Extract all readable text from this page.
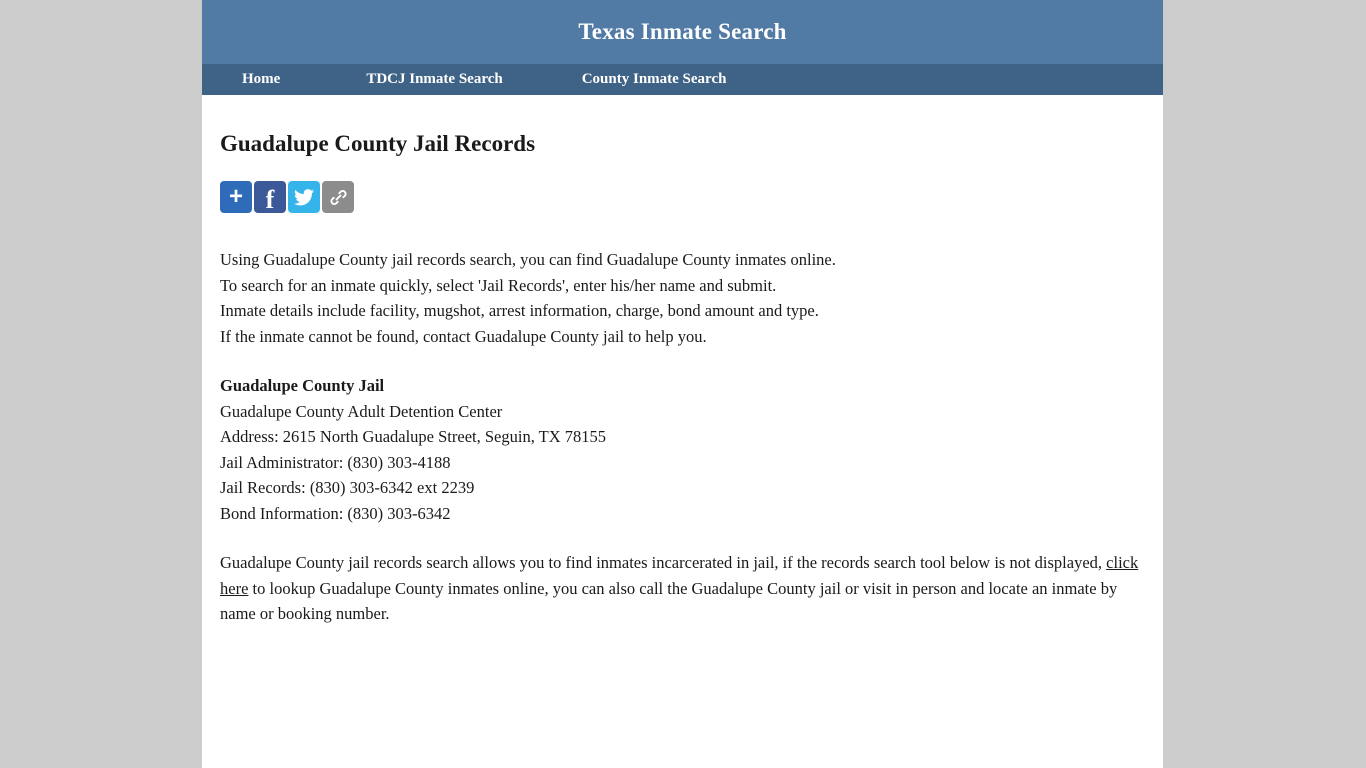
Texas Inmate Search
Home	TDCJ Inmate Search	County Inmate Search
Guadalupe County Jail Records
+ f

Using Guadalupe County jail records search, you can find Guadalupe County inmates online.

To search for an inmate quickly, select 'Jail Records', enter his/her name and submit.

Inmate details include facility, mugshot, arrest information, charge, bond amount and type.

If the inmate cannot be found, contact Guadalupe County jail to help you.

Guadalupe County Jail

Guadalupe County Adult Detention Center

Address: 2615 North Guadalupe Street, Seguin, TX 78155

Jail Administrator: (830) 303-4188

Jail Records: (830) 303-6342 ext 2239

Bond Information: (830) 303-6342

Guadalupe County jail records search allows you to find inmates incarcerated in jail, if the records search tool below is not displayed, click here to lookup Guadalupe County inmates online, you can also call the Guadalupe County jail or visit in person and locate an inmate by name or booking number.
